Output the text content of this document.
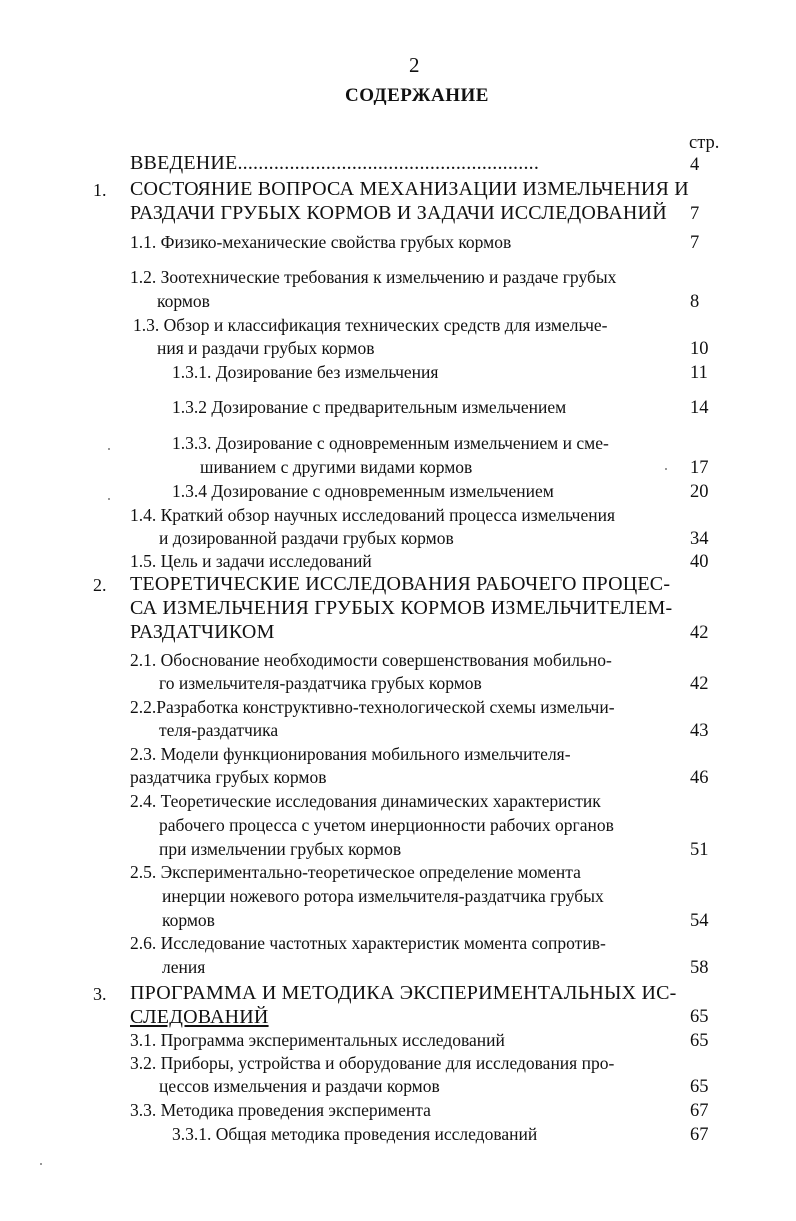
2
СОДЕРЖАНИЕ
стр.
ВВЕДЕНИЕ..........................................................	4
1. СОСТОЯНИЕ ВОПРОСА МЕХАНИЗАЦИИ ИЗМЕЛЬЧЕНИЯ И
РАЗДАЧИ ГРУБЫХ КОРМОВ И ЗАДАЧИ ИССЛЕДОВАНИЙ 7
1.1. Физико-механические свойства грубых кормов	7
1.2. Зоотехнические требования к измельчению и раздаче грубых
кормов	8
1.3. Обзор и классификация технических средств для измельче-
ния и раздачи грубых кормов	10
1.3.1. Дозирование без измельчения	11
1.3.2 Дозирование с предварительным измельчением	14
1.3.3. Дозирование с одновременным измельчением и сме-
шиванием с другими видами кормов	17
1.3.4 Дозирование с одновременным измельчением	20
1.4. Краткий обзор научных исследований процесса измельчения
и дозированной раздачи грубых кормов	34
1.5. Цель и задачи исследований	40
2. ТЕОРЕТИЧЕСКИЕ ИССЛЕДОВАНИЯ РАБОЧЕГО ПРОЦЕС-
СА ИЗМЕЛЬЧЕНИЯ ГРУБЫХ КОРМОВ ИЗМЕЛЬЧИТЕЛЕМ-
РАЗДАТЧИКОМ	42
2.1. Обоснование необходимости совершенствования мобильно-
го измельчителя-раздатчика грубых кормов	42
2.2.Разработка конструктивно-технологической схемы измельчи-
теля-раздатчика	43
2.3. Модели функционирования мобильного измельчителя-
раздатчика грубых кормов	46
2.4. Теоретические исследования динамических характеристик
рабочего процесса с учетом инерционности рабочих органов
при измельчении грубых кормов	51
2.5. Экспериментально-теоретическое определение момента
инерции ножевого ротора измельчителя-раздатчика грубых
кормов	54
2.6. Исследование частотных характеристик момента сопротив-
ления	58
3. ПРОГРАММА И МЕТОДИКА ЭКСПЕРИМЕНТАЛЬНЫХ ИС-
СЛЕДОВАНИЙ	65
3.1. Программа экспериментальных исследований	65
3.2. Приборы, устройства и оборудование для исследования про-
цессов измельчения и раздачи кормов	65
3.3. Методика проведения эксперимента	67
3.3.1. Общая методика проведения исследований	67
